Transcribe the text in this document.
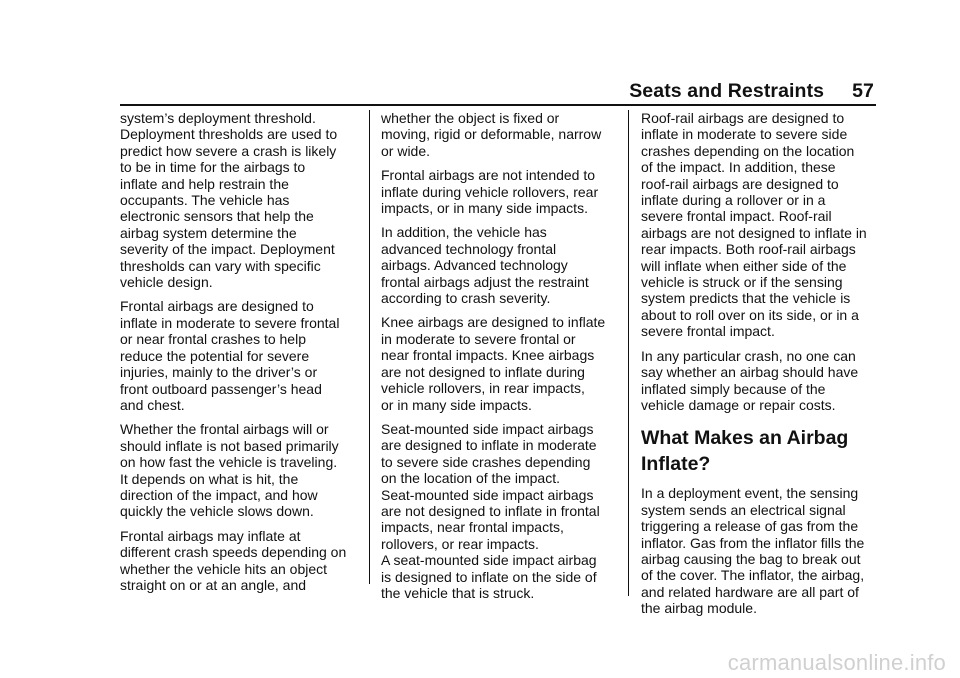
Seats and Restraints 57

system’s deployment threshold.
Deployment thresholds are used to
predict how severe a crash is likely
to be in time for the airbags to
inflate and help restrain the
occupants. The vehicle has
electronic sensors that help the
airbag system determine the
severity of the impact. Deployment
thresholds can vary with specific
vehicle design.

Frontal airbags are designed to
inflate in moderate to severe frontal
or near frontal crashes to help
reduce the potential for severe
injuries, mainly to the driver’s or
front outboard passenger’s head
and chest.

Whether the frontal airbags will or
should inflate is not based primarily
on how fast the vehicle is traveling.
It depends on what is hit, the
direction of the impact, and how
quickly the vehicle slows down.

Frontal airbags may inflate at
different crash speeds depending on
whether the vehicle hits an object
straight on or at an angle, and

whether the object is fixed or
moving, rigid or deformable, narrow
or wide.

Frontal airbags are not intended to
inflate during vehicle rollovers, rear
impacts, or in many side impacts.

In addition, the vehicle has
advanced technology frontal
airbags. Advanced technology
frontal airbags adjust the restraint
according to crash severity.

Knee airbags are designed to inflate
in moderate to severe frontal or
near frontal impacts. Knee airbags
are not designed to inflate during
vehicle rollovers, in rear impacts,
or in many side impacts.

Seat-mounted side impact airbags
are designed to inflate in moderate
to severe side crashes depending
on the location of the impact.
Seat-mounted side impact airbags
are not designed to inflate in frontal
impacts, near frontal impacts,
rollovers, or rear impacts.

A seat-mounted side impact airbag
is designed to inflate on the side of
the vehicle that is struck.

Roof-rail airbags are designed to
inflate in moderate to severe side
crashes depending on the location
of the impact. In addition, these
roof-rail airbags are designed to
inflate during a rollover or in a
severe frontal impact. Roof-rail
airbags are not designed to inflate in
rear impacts. Both roof-rail airbags
will inflate when either side of the
vehicle is struck or if the sensing
system predicts that the vehicle is
about to roll over on its side, or in a
severe frontal impact.

In any particular crash, no one can
say whether an airbag should have
inflated simply because of the
vehicle damage or repair costs.

What Makes an Airbag
Inflate?

In a deployment event, the sensing
system sends an electrical signal
triggering a release of gas from the
inflator. Gas from the inflator fills the
airbag causing the bag to break out
of the cover. The inflator, the airbag,
and related hardware are all part of
the airbag module.

carmanualsonline.info
